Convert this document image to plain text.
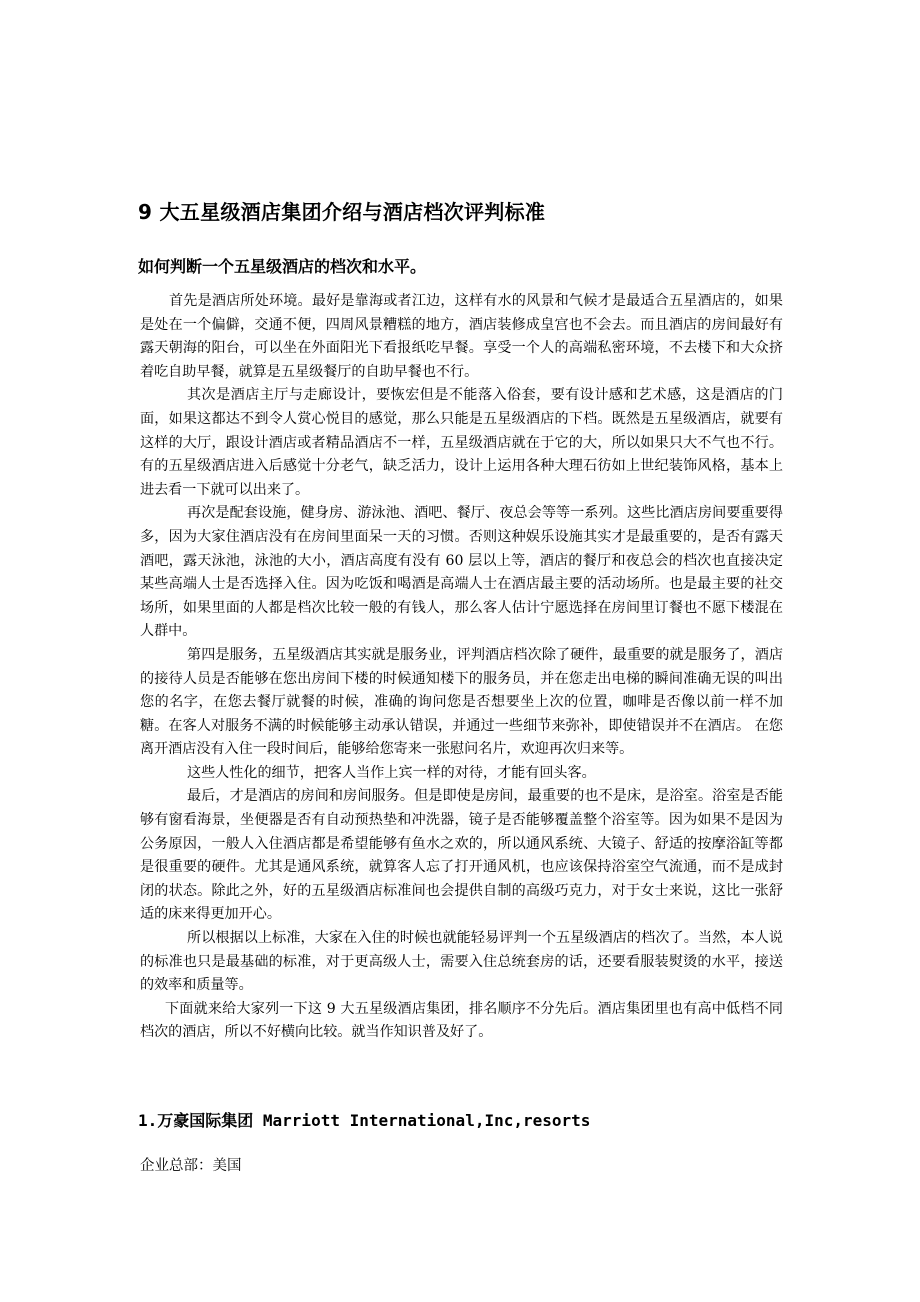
9 大五星级酒店集团介绍与酒店档次评判标准
如何判断一个五星级酒店的档次和水平。

首先是酒店所处环境。最好是靠海或者江边，这样有水的风景和气候才是最适合五星酒店的，如果是处在一个偏僻，交通不便，四周风景糟糕的地方，酒店装修成皇宫也不会去。而且酒店的房间最好有露天朝海的阳台，可以坐在外面阳光下看报纸吃早餐。享受一个人的高端私密环境，不去楼下和大众挤着吃自助早餐，就算是五星级餐厅的自助早餐也不行。

其次是酒店主厅与走廊设计，要恢宏但是不能落入俗套，要有设计感和艺术感，这是酒店的门面，如果这都达不到令人赏心悦目的感觉，那么只能是五星级酒店的下档。既然是五星级酒店，就要有这样的大厅，跟设计酒店或者精品酒店不一样，五星级酒店就在于它的大，所以如果只大不气也不行。有的五星级酒店进入后感觉十分老气，缺乏活力，设计上运用各种大理石彷如上世纪装饰风格，基本上进去看一下就可以出来了。

再次是配套设施，健身房、游泳池、酒吧、餐厅、夜总会等等一系列。这些比酒店房间要重要得多，因为大家住酒店没有在房间里面呆一天的习惯。否则这种娱乐设施其实才是最重要的，是否有露天酒吧，露天泳池，泳池的大小，酒店高度有没有 60 层以上等，酒店的餐厅和夜总会的档次也直接决定某些高端人士是否选择入住。因为吃饭和喝酒是高端人士在酒店最主要的活动场所。也是最主要的社交场所，如果里面的人都是档次比较一般的有钱人，那么客人估计宁愿选择在房间里订餐也不愿下楼混在人群中。

第四是服务，五星级酒店其实就是服务业，评判酒店档次除了硬件，最重要的就是服务了，酒店的接待人员是否能够在您出房间下楼的时候通知楼下的服务员，并在您走出电梯的瞬间准确无误的叫出您的名字，在您去餐厅就餐的时候，准确的询问您是否想要坐上次的位置，咖啡是否像以前一样不加糖。在客人对服务不满的时候能够主动承认错误，并通过一些细节来弥补，即使错误并不在酒店。 在您离开酒店没有入住一段时间后，能够给您寄来一张慰问名片，欢迎再次归来等。

这些人性化的细节，把客人当作上宾一样的对待，才能有回头客。

最后，才是酒店的房间和房间服务。但是即使是房间，最重要的也不是床，是浴室。浴室是否能够有窗看海景，坐便器是否有自动预热垫和冲洗器，镜子是否能够覆盖整个浴室等。因为如果不是因为公务原因，一般人入住酒店都是希望能够有鱼水之欢的，所以通风系统、大镜子、舒适的按摩浴缸等都是很重要的硬件。尤其是通风系统，就算客人忘了打开通风机，也应该保持浴室空气流通，而不是成封闭的状态。除此之外，好的五星级酒店标准间也会提供自制的高级巧克力，对于女士来说，这比一张舒适的床来得更加开心。

所以根据以上标准，大家在入住的时候也就能轻易评判一个五星级酒店的档次了。当然，本人说的标准也只是最基础的标准，对于更高级人士，需要入住总统套房的话，还要看服装熨烫的水平，接送的效率和质量等。

下面就来给大家列一下这 9 大五星级酒店集团，排名顺序不分先后。酒店集团里也有高中低档不同档次的酒店，所以不好横向比较。就当作知识普及好了。

1.万豪国际集团 Marriott International,Inc,resorts
企业总部：美国
